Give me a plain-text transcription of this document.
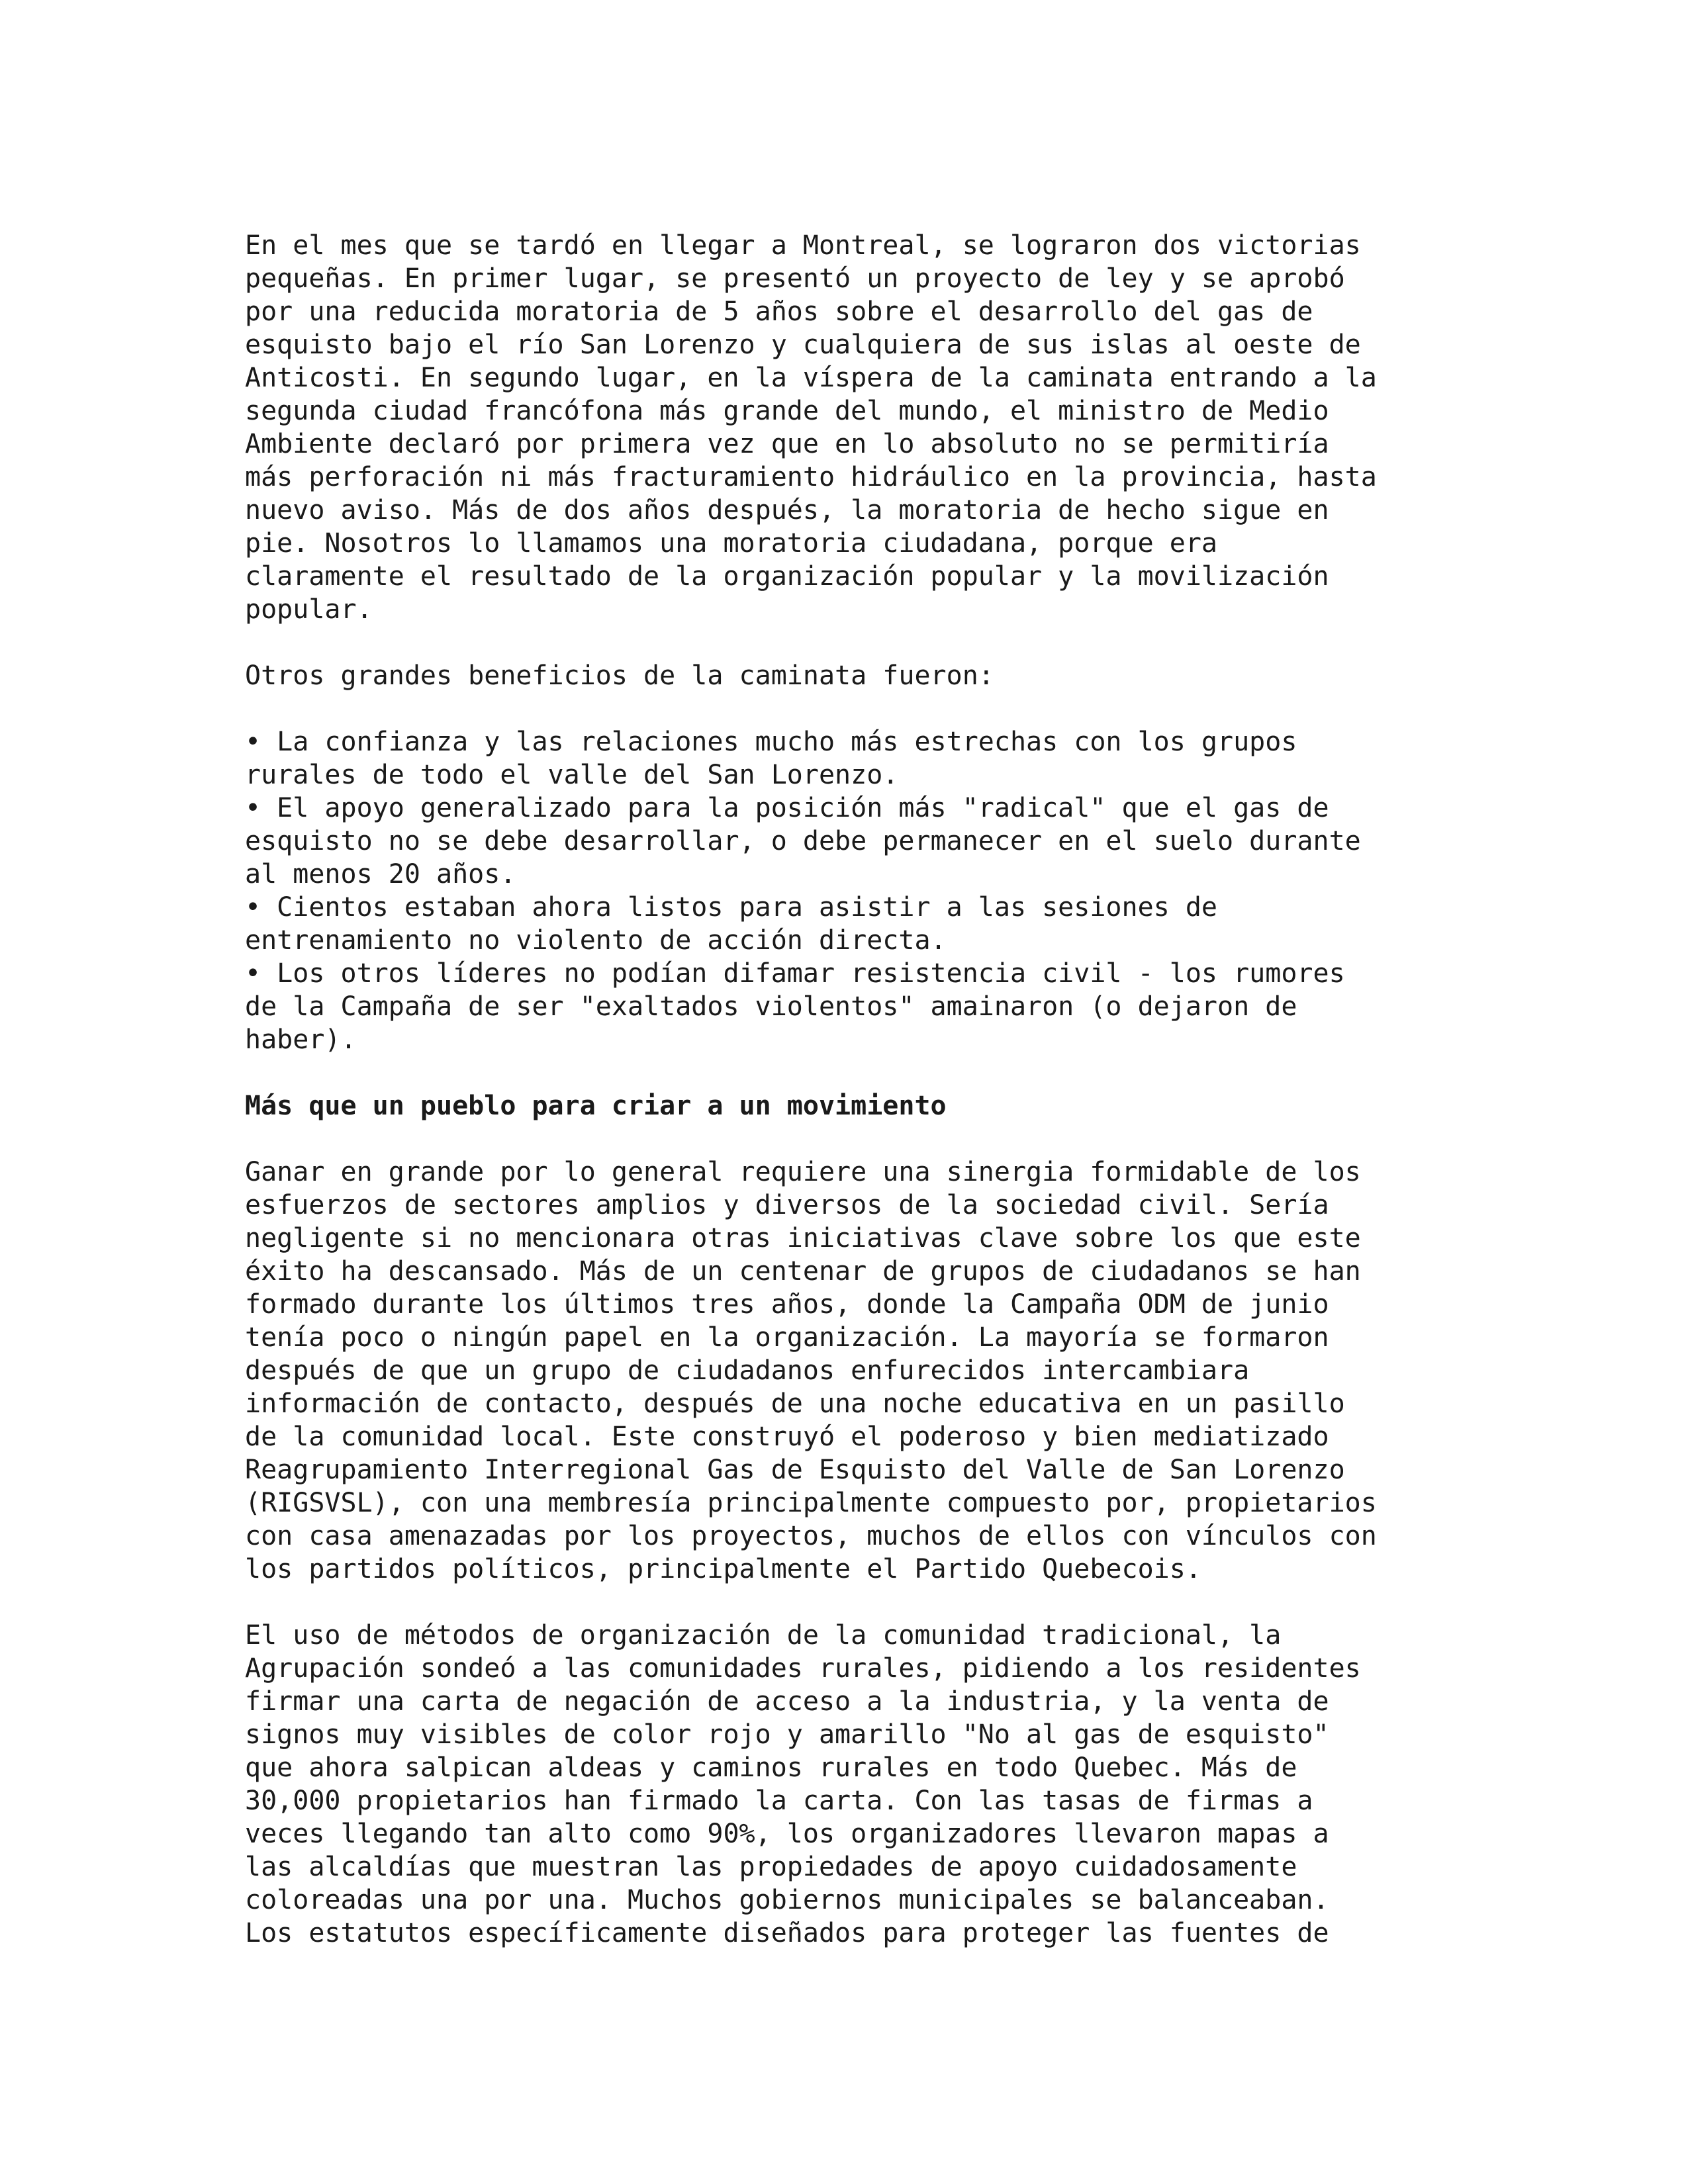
En el mes que se tardó en llegar a Montreal, se lograron dos victorias
pequeñas. En primer lugar, se presentó un proyecto de ley y se aprobó
por una reducida moratoria de 5 años sobre el desarrollo del gas de
esquisto bajo el río San Lorenzo y cualquiera de sus islas al oeste de
Anticosti. En segundo lugar, en la víspera de la caminata entrando a la
segunda ciudad francófona más grande del mundo, el ministro de Medio
Ambiente declaró por primera vez que en lo absoluto no se permitiría
más perforación ni más fracturamiento hidráulico en la provincia, hasta
nuevo aviso. Más de dos años después, la moratoria de hecho sigue en
pie. Nosotros lo llamamos una moratoria ciudadana, porque era
claramente el resultado de la organización popular y la movilización
popular.
Otros grandes beneficios de la caminata fueron:
• La confianza y las relaciones mucho más estrechas con los grupos
rurales de todo el valle del San Lorenzo.
• El apoyo generalizado para la posición más "radical" que el gas de
esquisto no se debe desarrollar, o debe permanecer en el suelo durante
al menos 20 años.
• Cientos estaban ahora listos para asistir a las sesiones de
entrenamiento no violento de acción directa.
• Los otros líderes no podían difamar resistencia civil - los rumores
de la Campaña de ser "exaltados violentos" amainaron (o dejaron de
haber).
Más que un pueblo para criar a un movimiento
Ganar en grande por lo general requiere una sinergia formidable de los
esfuerzos de sectores amplios y diversos de la sociedad civil. Sería
negligente si no mencionara otras iniciativas clave sobre los que este
éxito ha descansado. Más de un centenar de grupos de ciudadanos se han
formado durante los últimos tres años, donde la Campaña ODM de junio
tenía poco o ningún papel en la organización. La mayoría se formaron
después de que un grupo de ciudadanos enfurecidos intercambiara
información de contacto, después de una noche educativa en un pasillo
de la comunidad local. Este construyó el poderoso y bien mediatizado
Reagrupamiento Interregional Gas de Esquisto del Valle de San Lorenzo
(RIGSVSL), con una membresía principalmente compuesto por, propietarios
con casa amenazadas por los proyectos, muchos de ellos con vínculos con
los partidos políticos, principalmente el Partido Quebecois.
El uso de métodos de organización de la comunidad tradicional, la
Agrupación sondeó a las comunidades rurales, pidiendo a los residentes
firmar una carta de negación de acceso a la industria, y la venta de
signos muy visibles de color rojo y amarillo "No al gas de esquisto"
que ahora salpican aldeas y caminos rurales en todo Quebec. Más de
30,000 propietarios han firmado la carta. Con las tasas de firmas a
veces llegando tan alto como 90%, los organizadores llevaron mapas a
las alcaldías que muestran las propiedades de apoyo cuidadosamente
coloreadas una por una. Muchos gobiernos municipales se balanceaban.
Los estatutos específicamente diseñados para proteger las fuentes de
